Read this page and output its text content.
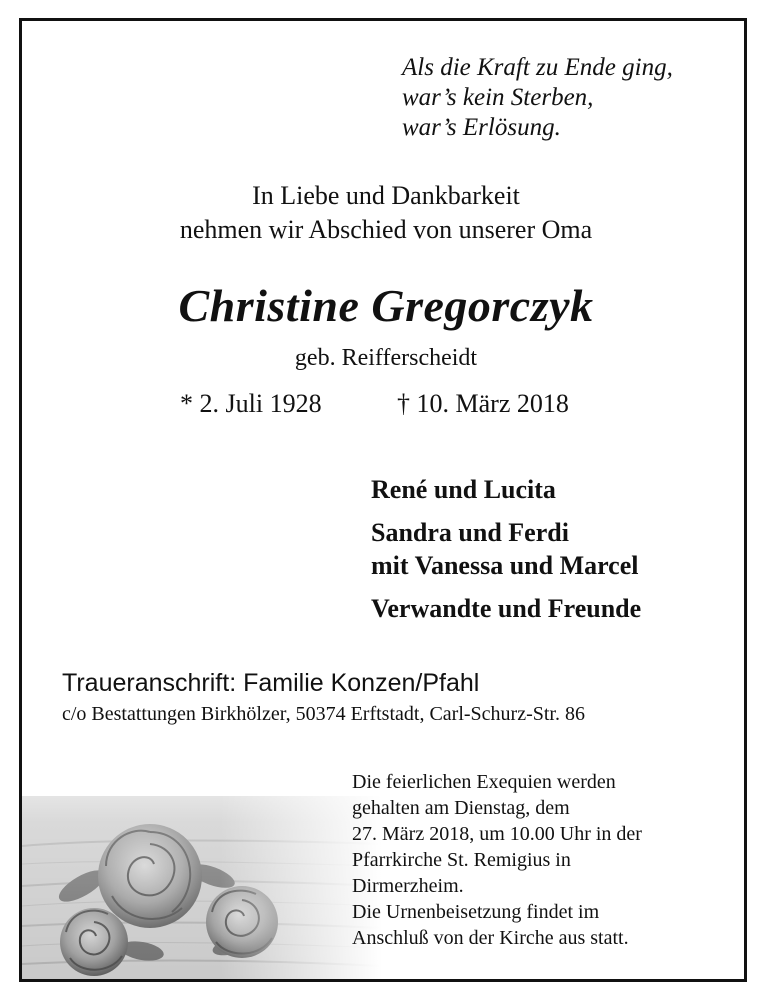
Als die Kraft zu Ende ging,
war’s kein Sterben,
war’s Erlösung.
In Liebe und Dankbarkeit
nehmen wir Abschied von unserer Oma
Christine Gregorczyk
geb. Reifferscheidt
* 2. Juli 1928	† 10. März 2018
René und Lucita
Sandra und Ferdi
mit Vanessa und Marcel
Verwandte und Freunde
Traueranschrift: Familie Konzen/Pfahl
c/o Bestattungen Birkhölzer, 50374 Erftstadt, Carl-Schurz-Str. 86
Die feierlichen Exequien werden
gehalten am Dienstag, dem
27. März 2018, um 10.00 Uhr in der
Pfarrkirche St. Remigius in
Dirmerzheim.
Die Urnenbeisetzung findet im
Anschluß von der Kirche aus statt.
